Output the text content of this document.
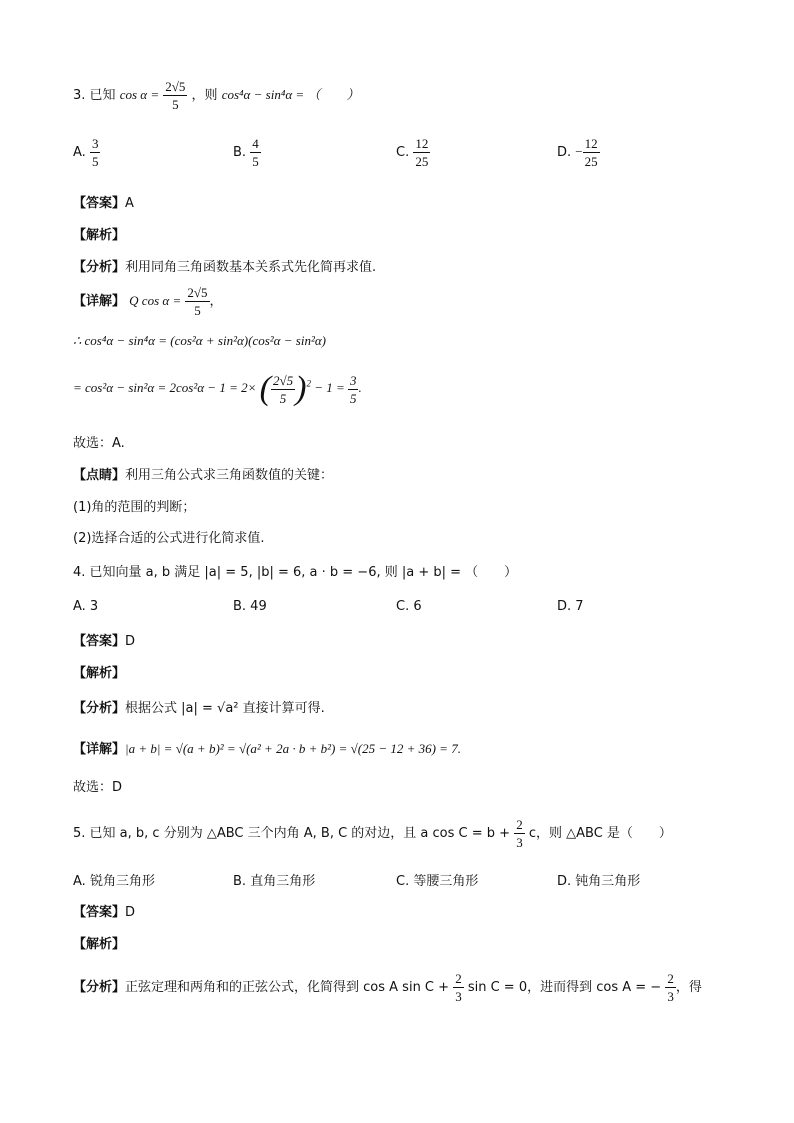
3. 已知 $\cos \alpha = \frac{2√5}{5}$ ，则 cos⁴α − sin⁴α = （　　）
A. $\frac{3}{5}$	B. $\frac{4}{5}$	C. $\frac{12}{25}$	D. − $\frac{12}{25}$
【答案】A
【解析】
【分析】利用同角三角函数基本关系式先化简再求值.
【详解】 Q $\cos \alpha = \frac{2√5}{5}$ ，
∴ cos⁴α − sin⁴α = (cos²α + sin²α)(cos²α − sin²α)
= cos²α − sin²α = 2cos²α − 1 = 2× ( $\frac{2√5}{5} )^2 - 1 = \frac{3}{5}$ .
故选：A.
【点睛】利用三角公式求三角函数值的关键：
(1)角的范围的判断；
(2)选择合适的公式进行化简求值.
4. 已知向量 a, b 满足 |a| = 5, |b| = 6, a · b = −6, 则 |a + b| = （　　）
A. 3	B. 49	C. 6	D. 7
【答案】D
【解析】
【分析】根据公式 |a| = √a² 直接计算可得.
【详解】|a + b| = √(a + b)² = √(a² + 2a · b + b²) = √(25 − 12 + 36) = 7.
故选：D
5. 已知 a, b, c 分别为 △ABC 三个内角 A, B, C 的对边，且 a $\cos C = b + \frac{2}{3}$ c，则 △ABC 是（　　）
A. 锐角三角形	B. 直角三角形	C. 等腰三角形	D. 钝角三角形
【答案】D
【解析】
【分析】正弦定理和两角和的正弦公式，化简得到 cos A $\sin C + \frac{2}{3}$ sin C = 0，进而得到 cos A = − $\frac{2}{3}$ ，得
